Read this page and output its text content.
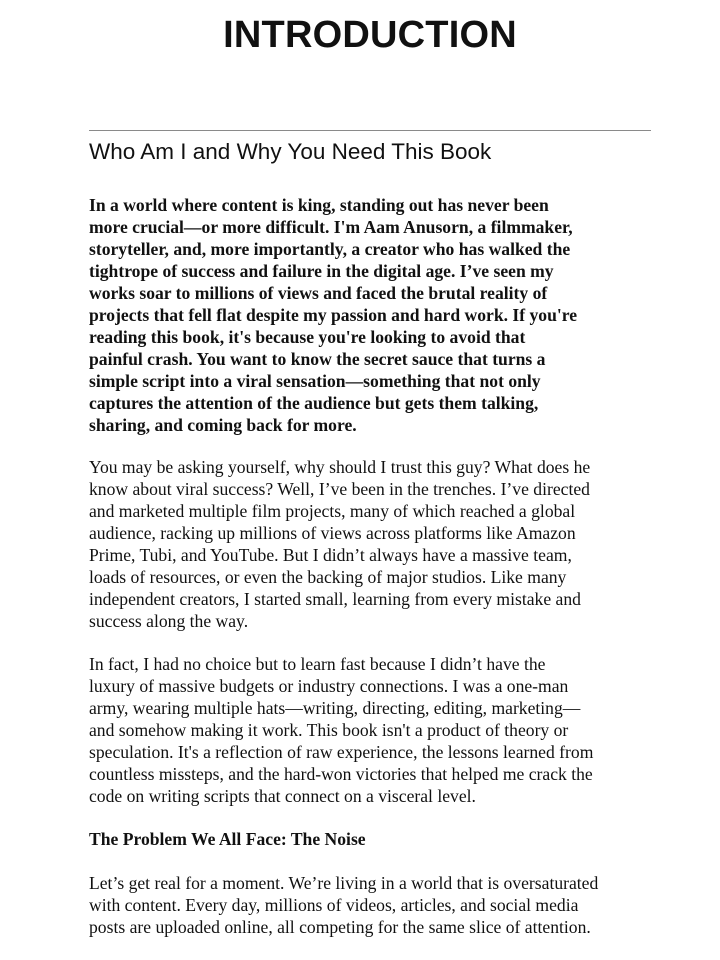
INTRODUCTION
Who Am I and Why You Need This Book

In a world where content is king, standing out has never been
more crucial—or more difficult. I'm Aam Anusorn, a filmmaker,
storyteller, and, more importantly, a creator who has walked the
tightrope of success and failure in the digital age. I’ve seen my
works soar to millions of views and faced the brutal reality of
projects that fell flat despite my passion and hard work. If you're
reading this book, it's because you're looking to avoid that
painful crash. You want to know the secret sauce that turns a
simple script into a viral sensation—something that not only
captures the attention of the audience but gets them talking,
sharing, and coming back for more.

You may be asking yourself, why should I trust this guy? What does he
know about viral success? Well, I’ve been in the trenches. I’ve directed
and marketed multiple film projects, many of which reached a global
audience, racking up millions of views across platforms like Amazon
Prime, Tubi, and YouTube. But I didn’t always have a massive team,
loads of resources, or even the backing of major studios. Like many
independent creators, I started small, learning from every mistake and
success along the way.

In fact, I had no choice but to learn fast because I didn’t have the
luxury of massive budgets or industry connections. I was a one-man
army, wearing multiple hats—writing, directing, editing, marketing—
and somehow making it work. This book isn't a product of theory or
speculation. It's a reflection of raw experience, the lessons learned from
countless missteps, and the hard-won victories that helped me crack the
code on writing scripts that connect on a visceral level.

The Problem We All Face: The Noise

Let’s get real for a moment. We’re living in a world that is oversaturated
with content. Every day, millions of videos, articles, and social media
posts are uploaded online, all competing for the same slice of attention.
